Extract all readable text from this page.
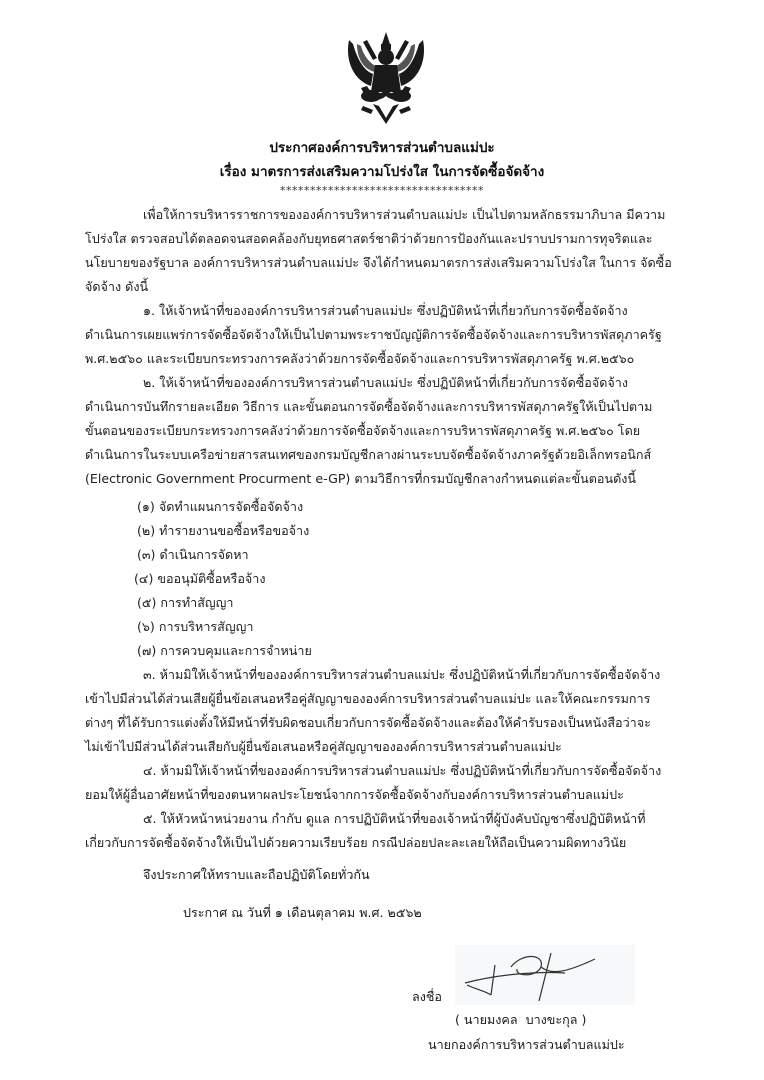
ประกาศองค์การบริหารส่วนตำบลแม่ปะ
เรื่อง มาตรการส่งเสริมความโปร่งใส ในการจัดซื้อจัดจ้าง
**********************************
เพื่อให้การบริหารราชการขององค์การบริหารส่วนตำบลแม่ปะ เป็นไปตามหลักธรรมาภิบาล มีความ
โปร่งใส ตรวจสอบได้ตลอดจนสอดคล้องกับยุทธศาสตร์ชาติว่าด้วยการป้องกันและปราบปรามการทุจริตและ
นโยบายของรัฐบาล องค์การบริหารส่วนตำบลแม่ปะ จึงได้กำหนดมาตรการส่งเสริมความโปร่งใส ในการ จัดซื้อ
จัดจ้าง ดังนี้
๑. ให้เจ้าหน้าที่ขององค์การบริหารส่วนตำบลแม่ปะ ซึ่งปฏิบัติหน้าที่เกี่ยวกับการจัดซื้อจัดจ้าง
ดำเนินการเผยแพร่การจัดซื้อจัดจ้างให้เป็นไปตามพระราชบัญญัติการจัดซื้อจัดจ้างและการบริหารพัสดุภาครัฐ
พ.ศ.๒๕๖๐ และระเบียบกระทรวงการคลังว่าด้วยการจัดซื้อจัดจ้างและการบริหารพัสดุภาครัฐ พ.ศ.๒๕๖๐
๒. ให้เจ้าหน้าที่ขององค์การบริหารส่วนตำบลแม่ปะ ซึ่งปฏิบัติหน้าที่เกี่ยวกับการจัดซื้อจัดจ้าง
ดำเนินการบันทึกรายละเอียด วิธีการ และขั้นตอนการจัดซื้อจัดจ้างและการบริหารพัสดุภาครัฐให้เป็นไปตาม
ขั้นตอนของระเบียบกระทรวงการคลังว่าด้วยการจัดซื้อจัดจ้างและการบริหารพัสดุภาครัฐ พ.ศ.๒๕๖๐ โดย
ดำเนินการในระบบเครือข่ายสารสนเทศของกรมบัญชีกลางผ่านระบบจัดซื้อจัดจ้างภาครัฐด้วยอิเล็กทรอนิกส์
(Electronic Government Procurment e-GP) ตามวิธีการที่กรมบัญชีกลางกำหนดแต่ละขั้นตอนดังนี้
(๑) จัดทำแผนการจัดซื้อจัดจ้าง
(๒) ทำรายงานขอซื้อหรือขอจ้าง
(๓) ดำเนินการจัดหา
(๔) ขออนุมัติซื้อหรือจ้าง
(๕) การทำสัญญา
(๖) การบริหารสัญญา
(๗) การควบคุมและการจำหน่าย
๓. ห้ามมิให้เจ้าหน้าที่ขององค์การบริหารส่วนตำบลแม่ปะ ซึ่งปฏิบัติหน้าที่เกี่ยวกับการจัดซื้อจัดจ้าง
เข้าไปมีส่วนได้ส่วนเสียผู้ยื่นข้อเสนอหรือคู่สัญญาขององค์การบริหารส่วนตำบลแม่ปะ และให้คณะกรรมการ
ต่างๆ ที่ได้รับการแต่งตั้งให้มีหน้าที่รับผิดชอบเกี่ยวกับการจัดซื้อจัดจ้างและต้องให้คำรับรองเป็นหนังสือว่าจะ
ไม่เข้าไปมีส่วนได้ส่วนเสียกับผู้ยื่นข้อเสนอหรือคู่สัญญาขององค์การบริหารส่วนตำบลแม่ปะ
๔. ห้ามมิให้เจ้าหน้าที่ขององค์การบริหารส่วนตำบลแม่ปะ ซึ่งปฏิบัติหน้าที่เกี่ยวกับการจัดซื้อจัดจ้าง
ยอมให้ผู้อื่นอาศัยหน้าที่ของตนหาผลประโยชน์จากการจัดซื้อจัดจ้างกับองค์การบริหารส่วนตำบลแม่ปะ
๕. ให้หัวหน้าหน่วยงาน กำกับ ดูแล การปฏิบัติหน้าที่ของเจ้าหน้าที่ผู้บังคับบัญชาซึ่งปฏิบัติหน้าที่
เกี่ยวกับการจัดซื้อจัดจ้างให้เป็นไปด้วยความเรียบร้อย กรณีปล่อยปละละเลยให้ถือเป็นความผิดทางวินัย
จึงประกาศให้ทราบและถือปฏิบัติโดยทั่วกัน
ประกาศ ณ วันที่ ๑ เดือนตุลาคม พ.ศ. ๒๕๖๒
ลงชื่อ
( นายมงคล  บางขะกุล )
นายกองค์การบริหารส่วนตำบลแม่ปะ
